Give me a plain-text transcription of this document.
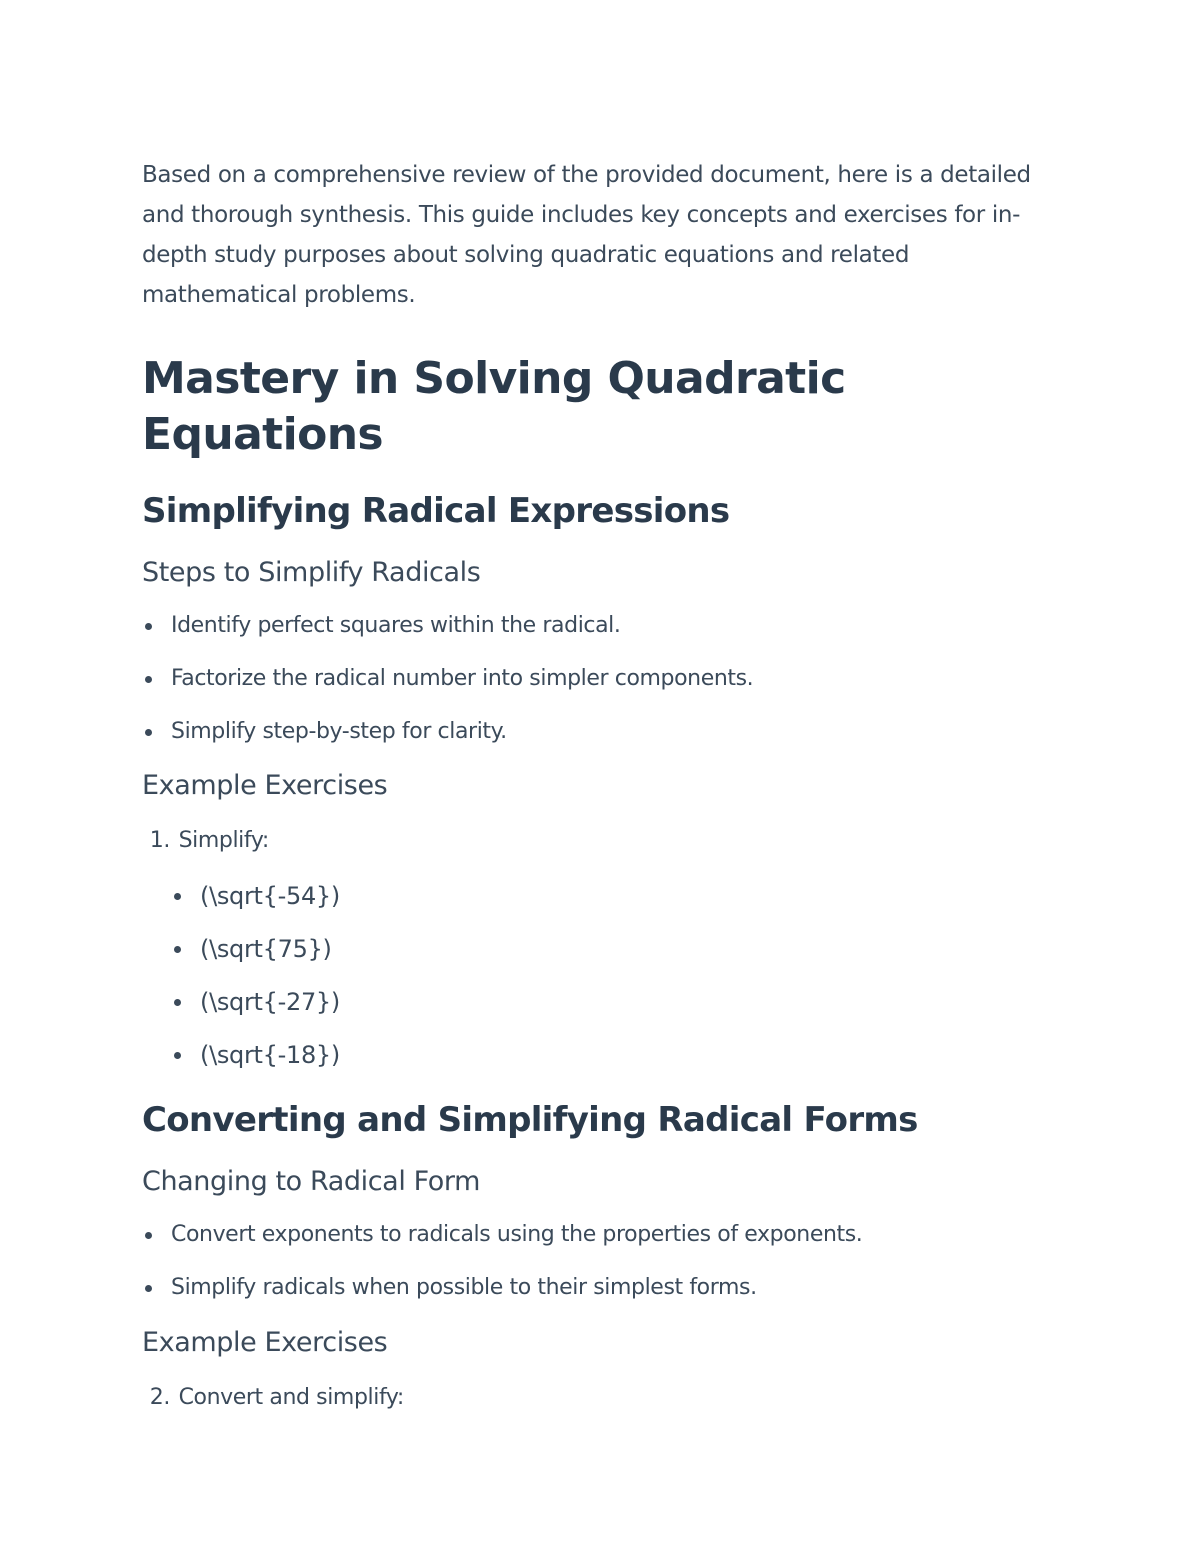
Based on a comprehensive review of the provided document, here is a detailed and thorough synthesis. This guide includes key concepts and exercises for in-depth study purposes about solving quadratic equations and related mathematical problems.

Mastery in Solving Quadratic Equations
Simplifying Radical Expressions
Steps to Simplify Radicals
Identify perfect squares within the radical.
Factorize the radical number into simpler components.
Simplify step-by-step for clarity.
Example Exercises

1. Simplify:

(\sqrt{-54})
(\sqrt{75})
(\sqrt{-27})
(\sqrt{-18})
Converting and Simplifying Radical Forms
Changing to Radical Form
Convert exponents to radicals using the properties of exponents.
Simplify radicals when possible to their simplest forms.
Example Exercises

2. Convert and simplify:
